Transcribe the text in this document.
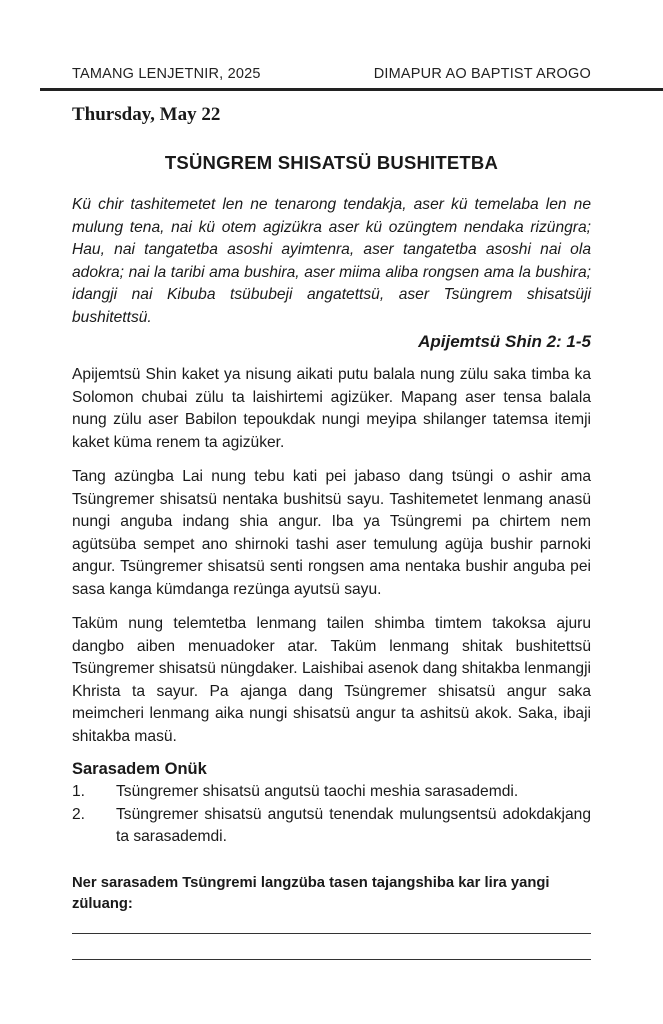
TAMANG LENJETNIR, 2025	DIMAPUR AO BAPTIST AROGO

Thursday, May 22

TSÜNGREM SHISATSÜ BUSHITETBA

Kü chir tashitemetet len ne tenarong tendakja, aser kü temelaba len ne mulung tena, nai kü otem agizükra aser kü ozüngtem nendaka rizüngra; Hau, nai tangatetba asoshi ayimtenra, aser tangatetba asoshi nai ola adokra; nai la taribi ama bushira, aser miima aliba rongsen ama la bushira; idangji nai Kibuba tsübubeji angatettsü, aser Tsüngrem shisatsüji bushitettsü.

Apijemtsü Shin 2: 1-5

Apijemtsü Shin kaket ya nisung aikati putu balala nung zülu saka timba ka Solomon chubai zülu ta laishirtemi agizüker. Mapang aser tensa balala nung zülu aser Babilon tepoukdak nungi meyipa shilanger tatemsa itemji kaket küma renem ta agizüker.

Tang azüngba Lai nung tebu kati pei jabaso dang tsüngi o ashir ama Tsüngremer shisatsü nentaka bushitsü sayu. Tashitemetet lenmang anasü nungi anguba indang shia angur. Iba ya Tsüngremi pa chirtem nem agütsüba sempet ano shirnoki tashi aser temulung agüja bushir parnoki angur. Tsüngremer shisatsü senti rongsen ama nentaka bushir anguba pei sasa kanga kümdanga rezünga ayutsü sayu.

Taküm nung telemtetba lenmang tailen shimba timtem takoksa ajuru dangbo aiben menuadoker atar. Taküm lenmang shitak bushitettsü Tsüngremer shisatsü nüngdaker. Laishibai asenok dang shitakba lenmangji Khrista ta sayur. Pa ajanga dang Tsüngremer shisatsü angur saka meimcheri lenmang aika nungi shisatsü angur ta ashitsü akok. Saka, ibaji shitakba masü.

Sarasadem Onük
1.	Tsüngremer shisatsü angutsü taochi meshia sarasademdi.
2.	Tsüngremer shisatsü angutsü tenendak mulungsentsü adokdakjang ta sarasademdi.

Ner sarasadem Tsüngremi langzüba tasen tajangshiba kar lira yangi züluang:
